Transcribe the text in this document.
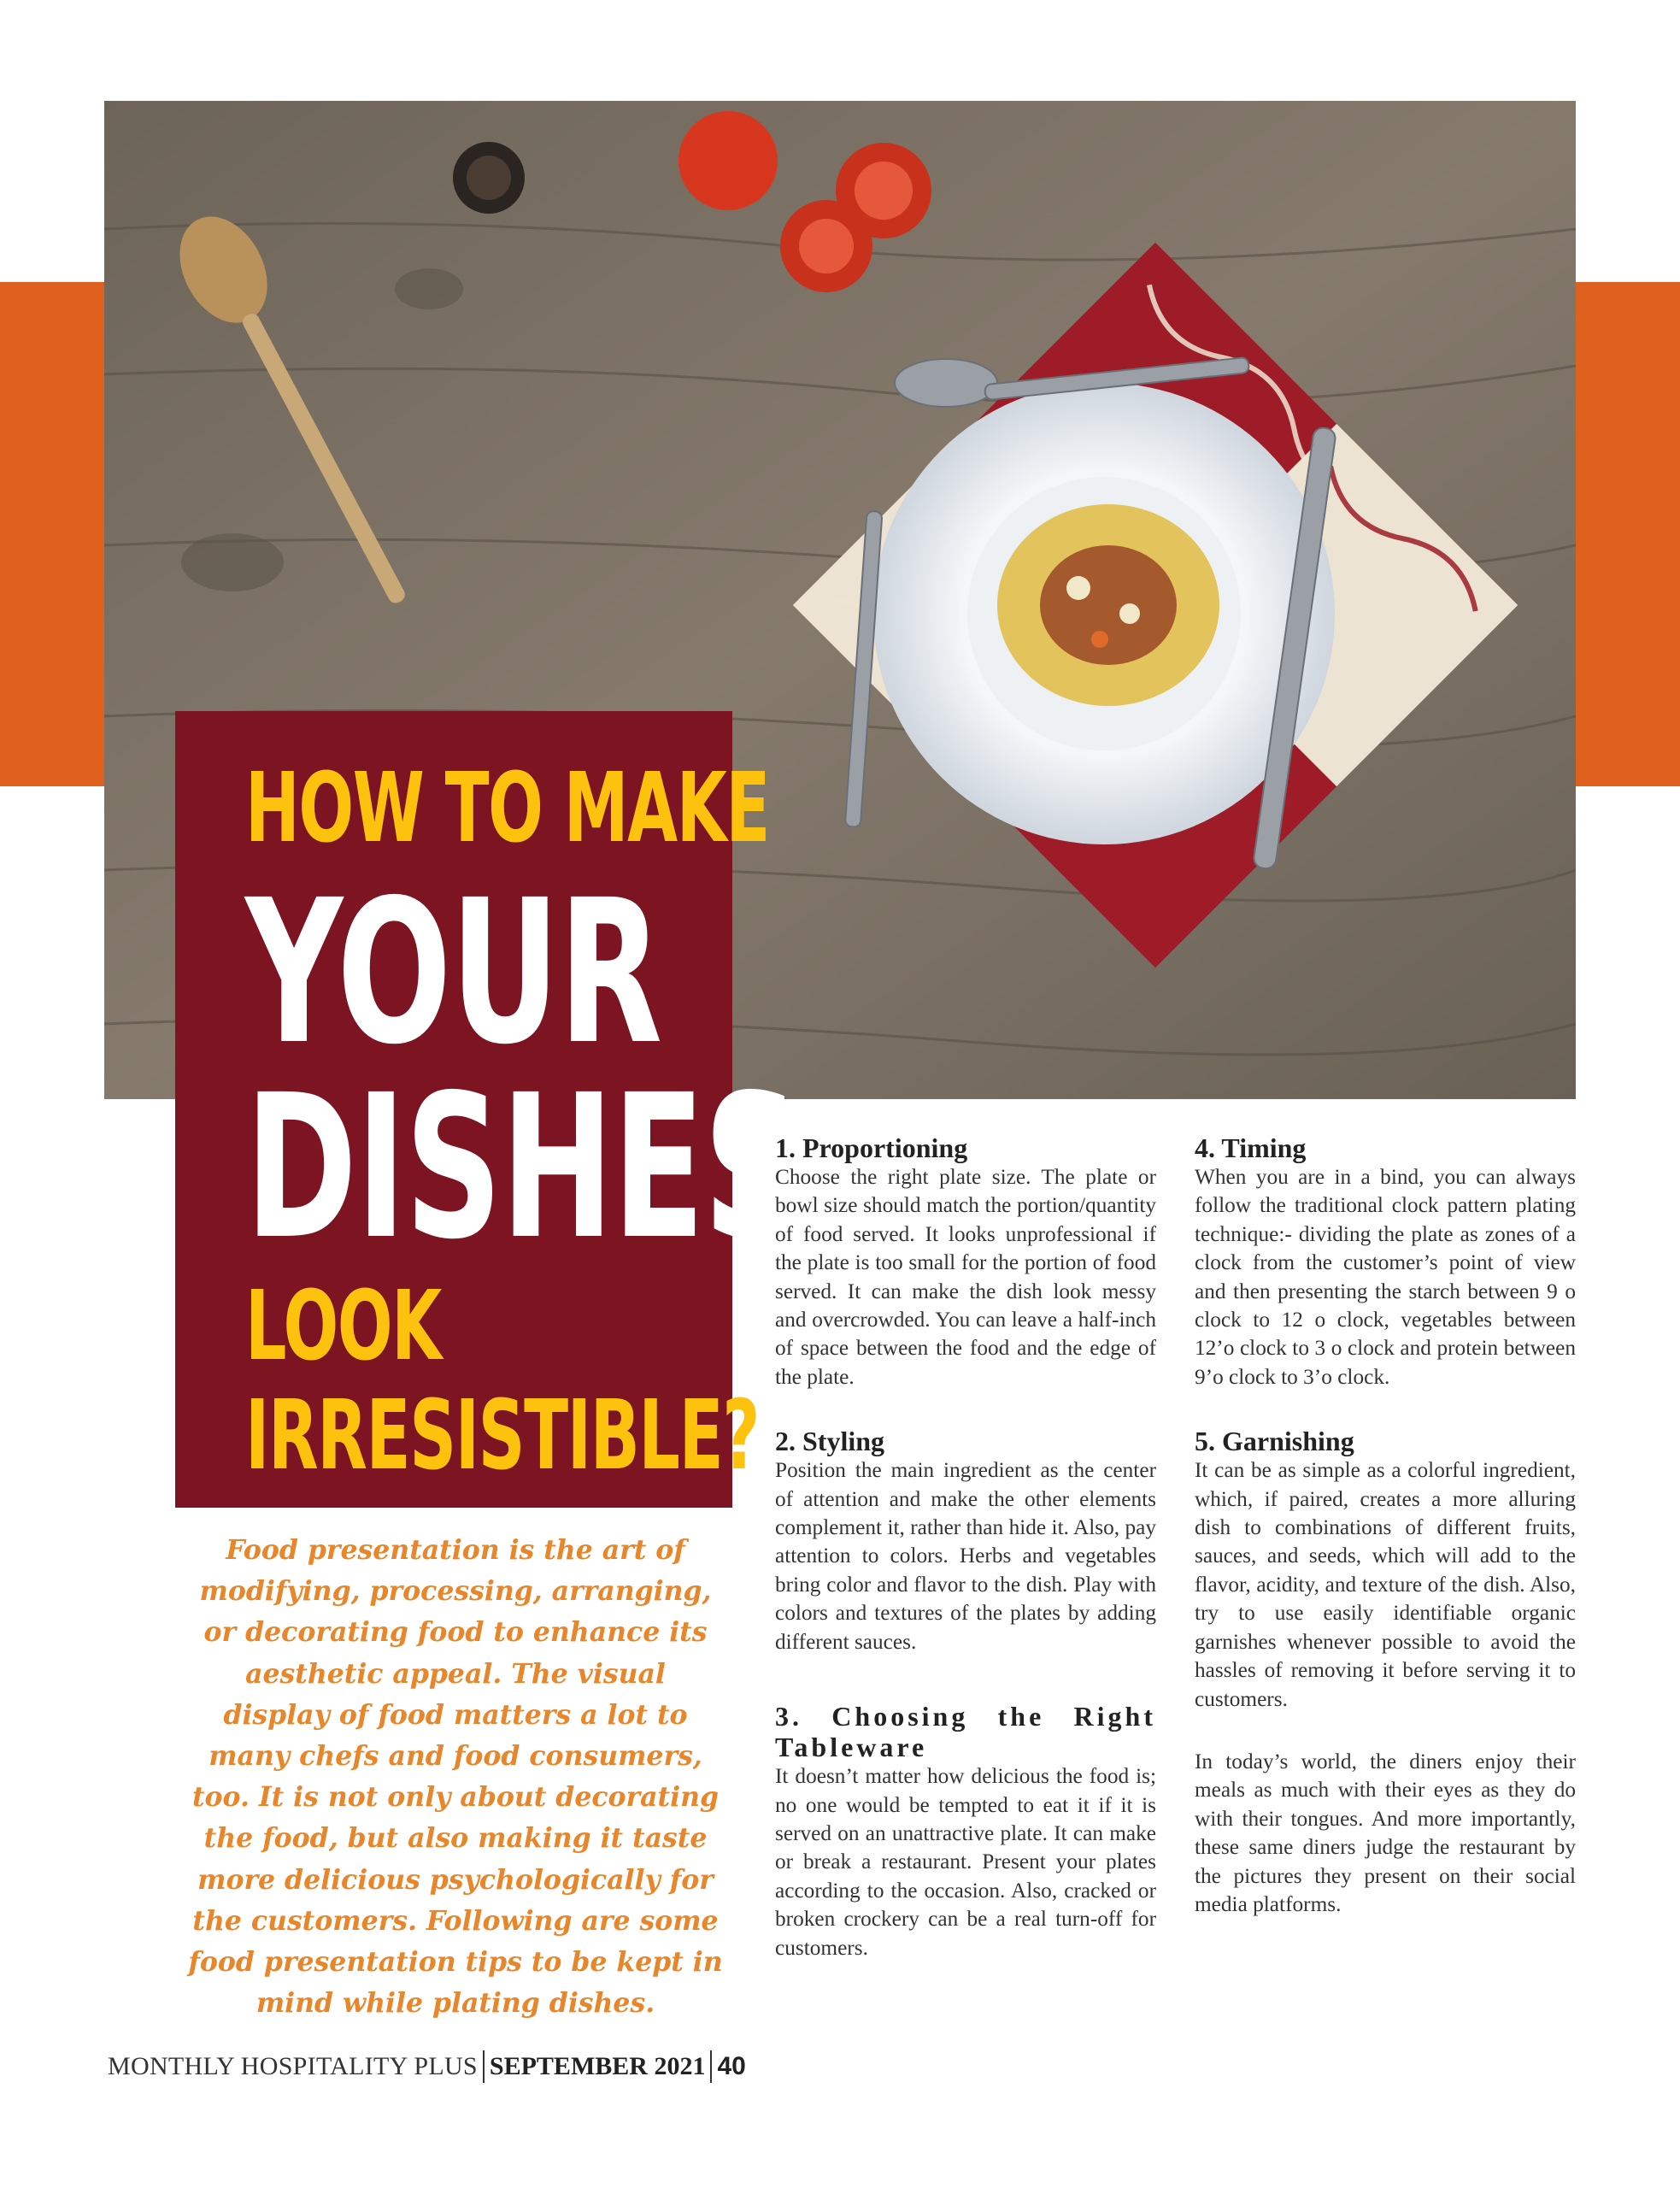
HOW TO MAKE
YOUR
DISHES
LOOK
IRRESISTIBLE?
Food presentation is the art of modifying, processing, arranging, or decorating food to enhance its aesthetic appeal. The visual display of food matters a lot to many chefs and food consumers, too. It is not only about decorating the food, but also making it taste more delicious psychologically for the customers. Following are some food presentation tips to be kept in mind while plating dishes.
MONTHLY HOSPITALITY PLUS SEPTEMBER 2021 40
1. Proportioning

Choose the right plate size. The plate or bowl size should match the portion/quantity of food served. It looks unprofessional if the plate is too small for the portion of food served. It can make the dish look messy and overcrowded. You can leave a half-inch of space between the food and the edge of the plate.

2. Styling

Position the main ingredient as the center of attention and make the other elements complement it, rather than hide it. Also, pay attention to colors. Herbs and vegetables bring color and flavor to the dish. Play with colors and textures of the plates by adding different sauces.

3. Choosing the Right Tableware

It doesn’t matter how delicious the food is; no one would be tempted to eat it if it is served on an unattractive plate. It can make or break a restaurant. Present your plates according to the occasion. Also, cracked or broken crockery can be a real turn-off for customers.

4. Timing

When you are in a bind, you can always follow the traditional clock pattern plating technique:- dividing the plate as zones of a clock from the customer’s point of view and then presenting the starch between 9 o clock to 12 o clock, vegetables between 12’o clock to 3 o clock and protein between 9’o clock to 3’o clock.

5. Garnishing

It can be as simple as a colorful ingredient, which, if paired, creates a more alluring dish to combinations of different fruits, sauces, and seeds, which will add to the flavor, acidity, and texture of the dish. Also, try to use easily identifiable organic garnishes whenever possible to avoid the hassles of removing it before serving it to customers.

In today’s world, the diners enjoy their meals as much with their eyes as they do with their tongues. And more importantly, these same diners judge the restaurant by the pictures they present on their social media platforms.
